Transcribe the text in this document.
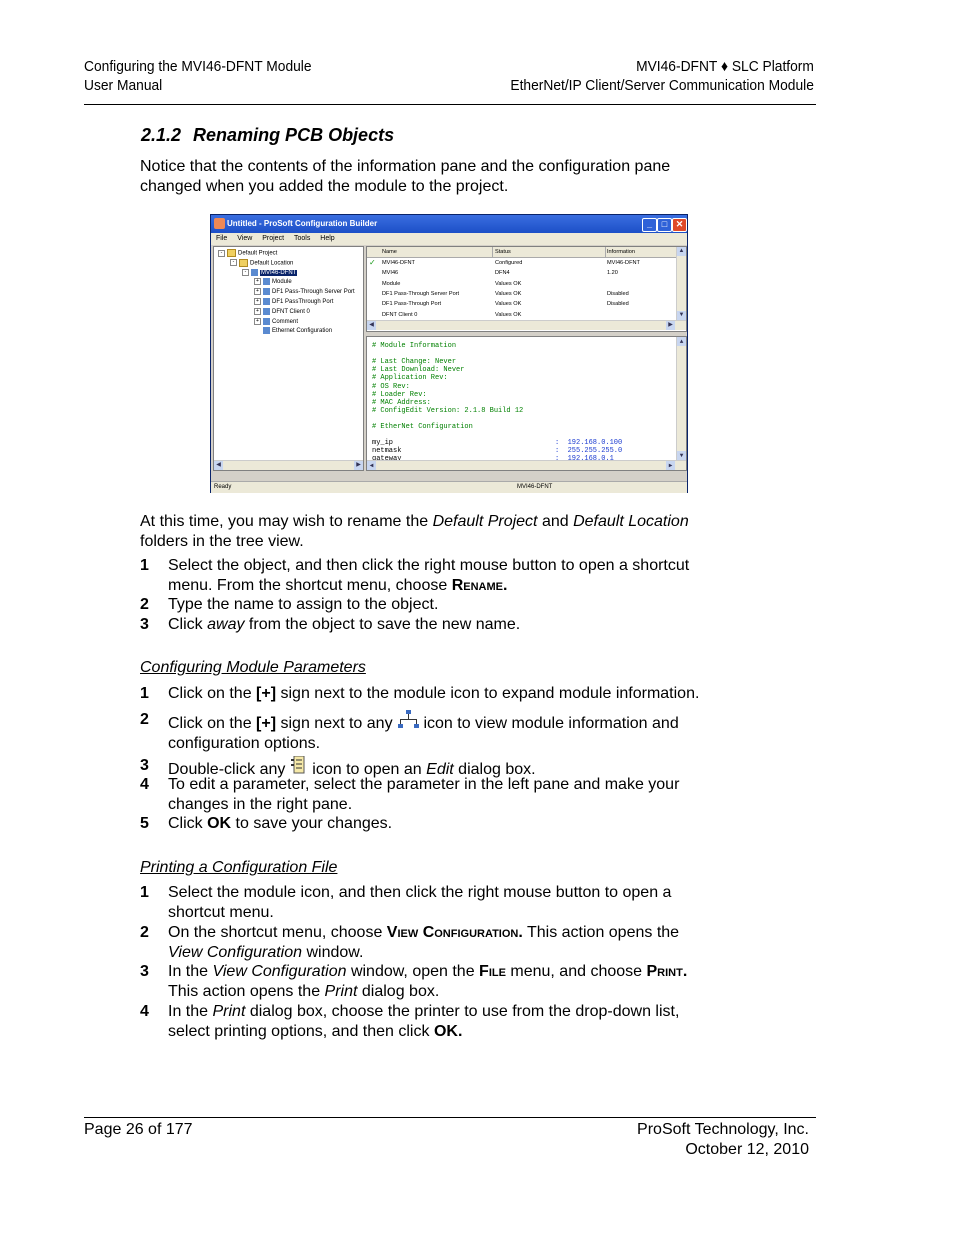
Configuring the MVI46-DFNT Module
User Manual
MVI46-DFNT ♦ SLC Platform
EtherNet/IP Client/Server Communication Module
2.1.2 Renaming PCB Objects
Notice that the contents of the information pane and the configuration pane
changed when you added the module to the project.
Untitled - ProSoft Configuration Builder	_	□ ✕
File View Project Tools Help
◀	▶
-	Default Project
-	Default Location
- MVI46-DFNT
+ Module
+ DF1 Pass-Through Server Port
+ DF1 PassThrough Port
+ DFNT Client 0
+ Comment
Ethernet Configuration
Name	Status	Information
✓ MVI46-DFNT	Configured	MVI46-DFNT
MVI46	DFN4	1.20
Module	Values OK
DF1 Pass-Through Server Port	Values OK	Disabled
DF1 Pass-Through Port	Values OK	Disabled
DFNT Client 0	Values OK
▲
▼
◀	▶
# Module Information
# Last Change: Never
# Last Download: Never
# Application Rev:
# OS Rev:
# Loader Rev:
# MAC Address:
# ConfigEdit Version: 2.1.8 Build 12
# EtherNet Configuration
my_ip	:  192.168.0.100
netmask	:  255.255.255.0
▲
▼
◀	▶
Ready	MVI46-DFNT
At this time, you may wish to rename the Default Project and Default Location
folders in the tree view.
1 Select the object, and then click the right mouse button to open a shortcut
menu. From the shortcut menu, choose Rename.
2 Type the name to assign to the object.
3 Click away from the object to save the new name.
Configuring Module Parameters
1 Click on the [+] sign next to the module icon to expand module information.
2 Click on the [+] sign next to any  icon to view module information and
configuration options.
3 Double-click any  icon to open an Edit dialog box.
4 To edit a parameter, select the parameter in the left pane and make your
changes in the right pane.
5 Click OK to save your changes.
Printing a Configuration File
1 Select the module icon, and then click the right mouse button to open a
shortcut menu.
2 On the shortcut menu, choose View Configuration. This action opens the
View Configuration window.
3 In the View Configuration window, open the File menu, and choose Print.
This action opens the Print dialog box.
4 In the Print dialog box, choose the printer to use from the drop-down list,
select printing options, and then click OK.
Page 26 of 177	ProSoft Technology, Inc.
October 12, 2010
